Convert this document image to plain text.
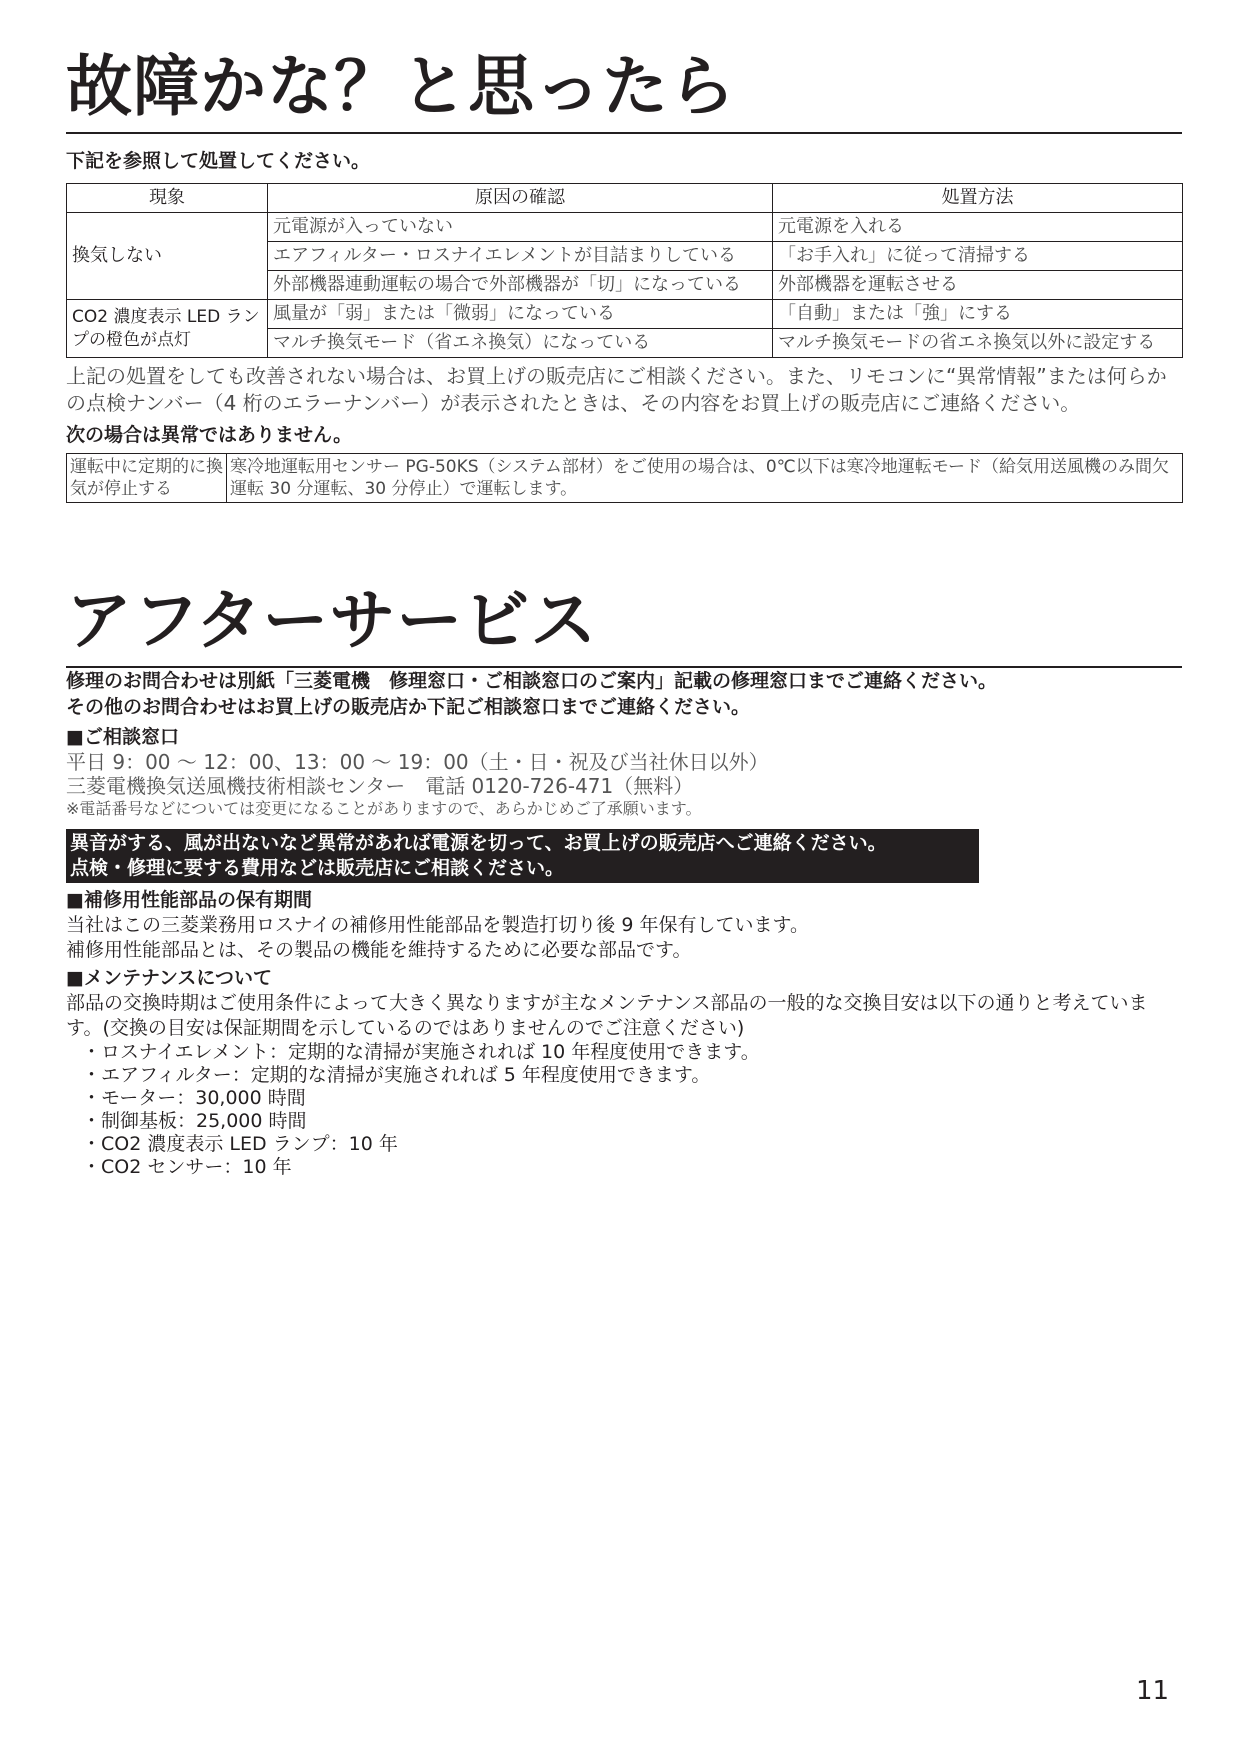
故障かな？と思ったら
下記を参照して処置してください。
現象	原因の確認	処置方法
換気しない	元電源が入っていない	元電源を入れる
	エアフィルター・ロスナイエレメントが目詰まりしている	「お手入れ」に従って清掃する
	外部機器連動運転の場合で外部機器が「切」になっている	外部機器を運転させる
CO2 濃度表示 LED ランプの橙色が点灯	風量が「弱」または「微弱」になっている	「自動」または「強」にする
	マルチ換気モード（省エネ換気）になっている	マルチ換気モードの省エネ換気以外に設定する
上記の処置をしても改善されない場合は、お買上げの販売店にご相談ください。また、リモコンに“異常情報”または何らかの点検ナンバー（4 桁のエラーナンバー）が表示されたときは、その内容をお買上げの販売店にご連絡ください。
次の場合は異常ではありません。
運転中に定期的に換気が停止する	寒冷地運転用センサー PG-50KS（システム部材）をご使用の場合は、0℃以下は寒冷地運転モード（給気用送風機のみ間欠運転 30 分運転、30 分停止）で運転します。
アフターサービス
修理のお問合わせは別紙「三菱電機　修理窓口・ご相談窓口のご案内」記載の修理窓口までご連絡ください。
その他のお問合わせはお買上げの販売店か下記ご相談窓口までご連絡ください。
■ご相談窓口
平日 9：00 〜 12：00、13：00 〜 19：00（土・日・祝及び当社休日以外）
三菱電機換気送風機技術相談センター　電話 0120-726-471（無料）
※電話番号などについては変更になることがありますので、あらかじめご了承願います。
異音がする、風が出ないなど異常があれば電源を切って、お買上げの販売店へご連絡ください。
点検・修理に要する費用などは販売店にご相談ください。
■補修用性能部品の保有期間
当社はこの三菱業務用ロスナイの補修用性能部品を製造打切り後 9 年保有しています。
補修用性能部品とは、その製品の機能を維持するために必要な部品です。
■メンテナンスについて
部品の交換時期はご使用条件によって大きく異なりますが主なメンテナンス部品の一般的な交換目安は以下の通りと考えています。(交換の目安は保証期間を示しているのではありませんのでご注意ください)
・ロスナイエレメント：定期的な清掃が実施されれば 10 年程度使用できます。
・エアフィルター：定期的な清掃が実施されれば 5 年程度使用できます。
・モーター：30,000 時間
・制御基板：25,000 時間
・CO2 濃度表示 LED ランプ：10 年
・CO2 センサー：10 年
11
